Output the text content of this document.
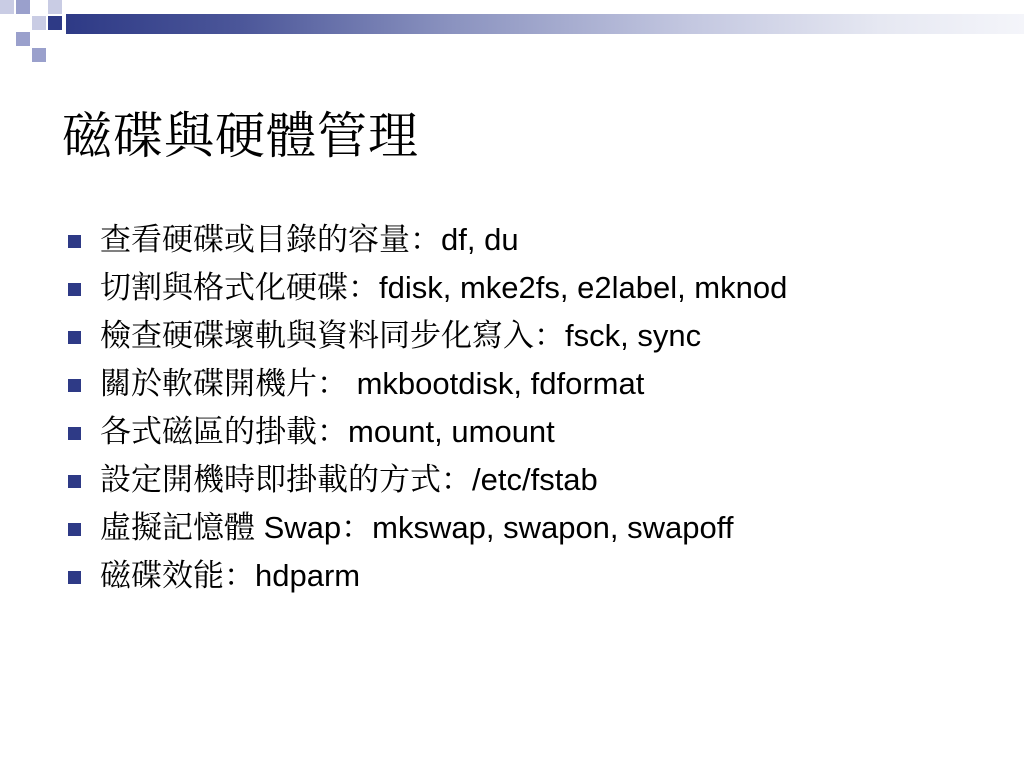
磁碟與硬體管理
查看硬碟或目錄的容量：df, du
切割與格式化硬碟：fdisk, mke2fs, e2label, mknod
檢查硬碟壞軌與資料同步化寫入：fsck, sync
關於軟碟開機片： mkbootdisk, fdformat
各式磁區的掛載：mount, umount
設定開機時即掛載的方式：/etc/fstab
虛擬記憶體 Swap：mkswap, swapon, swapoff
磁碟效能：hdparm
